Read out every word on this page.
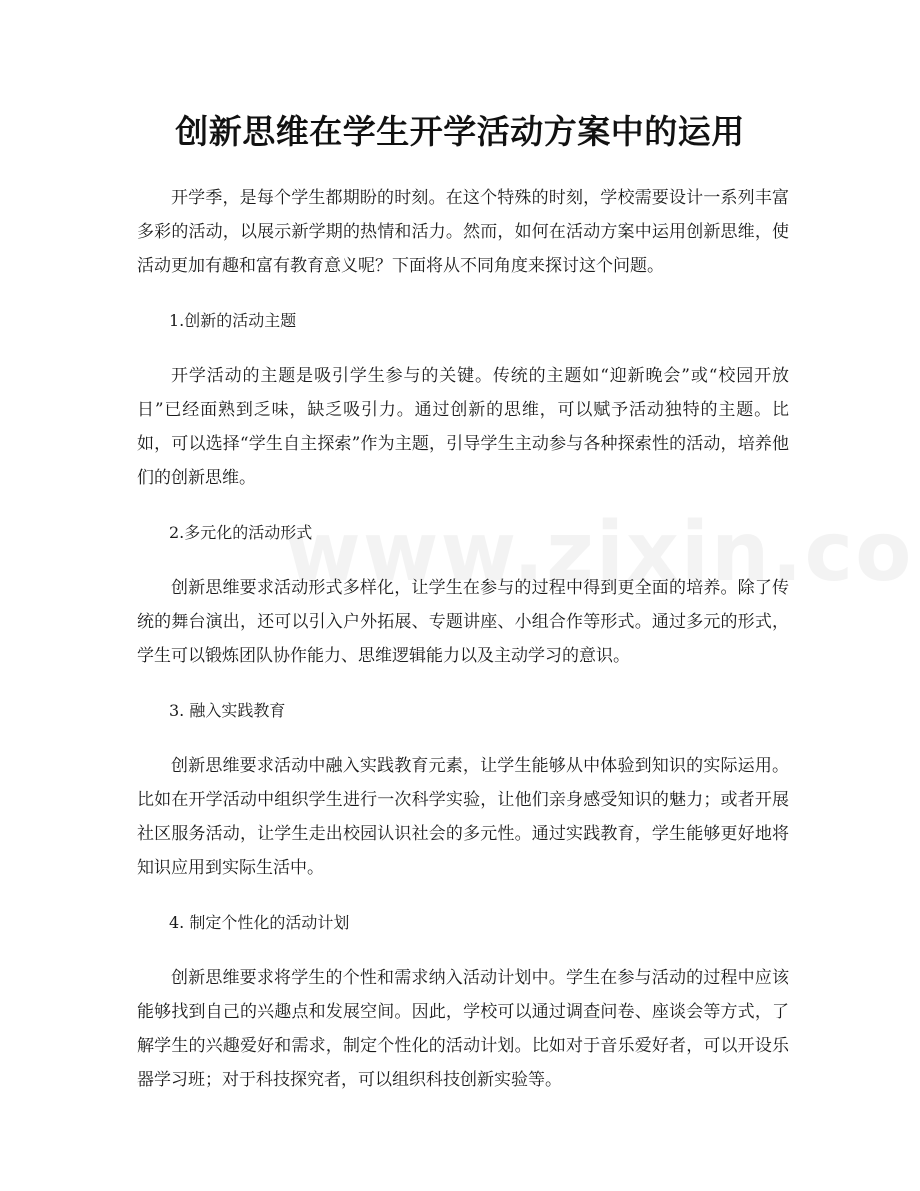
创新思维在学生开学活动方案中的运用

开学季，是每个学生都期盼的时刻。在这个特殊的时刻，学校需要设计一系列丰富多彩的活动，以展示新学期的热情和活力。然而，如何在活动方案中运用创新思维，使活动更加有趣和富有教育意义呢？下面将从不同角度来探讨这个问题。

1.创新的活动主题

开学活动的主题是吸引学生参与的关键。传统的主题如“迎新晚会”或“校园开放日”已经面熟到乏味，缺乏吸引力。通过创新的思维，可以赋予活动独特的主题。比如，可以选择“学生自主探索”作为主题，引导学生主动参与各种探索性的活动，培养他们的创新思维。

2.多元化的活动形式

创新思维要求活动形式多样化，让学生在参与的过程中得到更全面的培养。除了传统的舞台演出，还可以引入户外拓展、专题讲座、小组合作等形式。通过多元的形式，学生可以锻炼团队协作能力、思维逻辑能力以及主动学习的意识。

3. 融入实践教育

创新思维要求活动中融入实践教育元素，让学生能够从中体验到知识的实际运用。比如在开学活动中组织学生进行一次科学实验，让他们亲身感受知识的魅力；或者开展社区服务活动，让学生走出校园认识社会的多元性。通过实践教育，学生能够更好地将知识应用到实际生活中。

4. 制定个性化的活动计划

创新思维要求将学生的个性和需求纳入活动计划中。学生在参与活动的过程中应该能够找到自己的兴趣点和发展空间。因此，学校可以通过调查问卷、座谈会等方式，了解学生的兴趣爱好和需求，制定个性化的活动计划。比如对于音乐爱好者，可以开设乐器学习班；对于科技探究者，可以组织科技创新实验等。
